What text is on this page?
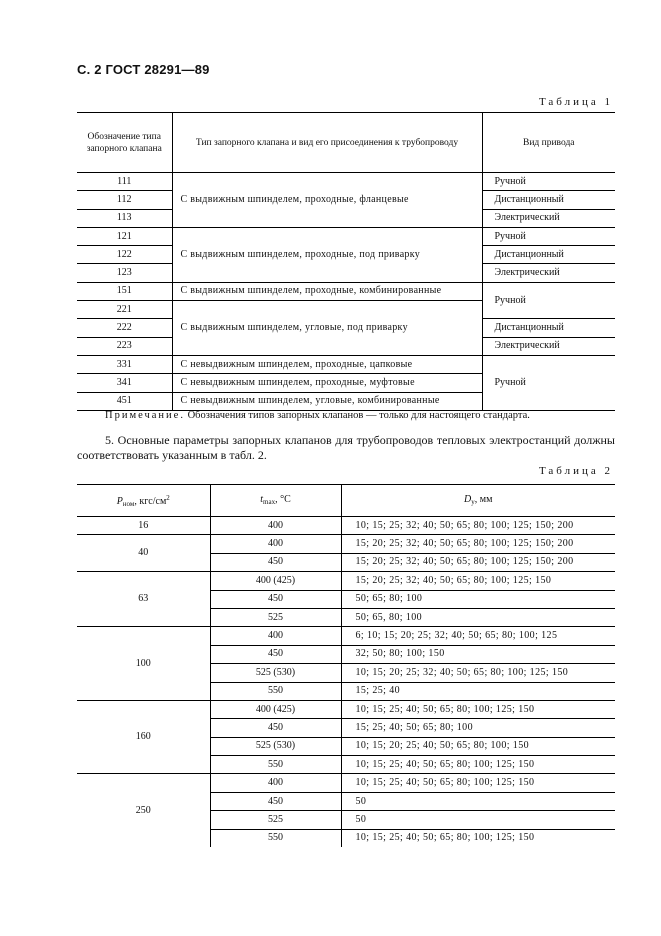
С. 2 ГОСТ 28291—89
Таблица 1
Обозначение типа запорного клапана	Тип запорного клапана и вид его присоединения к трубопроводу	Вид привода
111	С выдвижным шпинделем, проходные, фланцевые	Ручной
112		Дистанционный
113		Электрический
121	С выдвижным шпинделем, проходные, под приварку	Ручной
122		Дистанционный
123		Электрический
151	С выдвижным шпинделем, проходные, комбинированные	Ручной
221	С выдвижным шпинделем, угловые, под приварку	
222		Дистанционный
223		Электрический
331	С невыдвижным шпинделем, проходные, цапковые	Ручной
341	С невыдвижным шпинделем, проходные, муфтовые	
451	С невыдвижным шпинделем, угловые, комбинированные	
Примечание. Обозначения типов запорных клапанов — только для настоящего стандарта.
5. Основные параметры запорных клапанов для трубопроводов тепловых электростанций должны соответствовать указанным в табл. 2.
Таблица 2
$P_{ном}$, кгс/$см^2$	$t_{max}$, °С	$D_у$, мм
16	400	10; 15; 25; 32; 40; 50; 65; 80; 100; 125; 150; 200
40	400	15; 20; 25; 32; 40; 50; 65; 80; 100; 125; 150; 200
	450	15; 20; 25; 32; 40; 50; 65; 80; 100; 125; 150; 200
63	400 (425)	15; 20; 25; 32; 40; 50; 65; 80; 100; 125; 150
	450	50; 65; 80; 100
	525	50; 65, 80; 100
100	400	6; 10; 15; 20; 25; 32; 40; 50; 65; 80; 100; 125
	450	32; 50; 80; 100; 150
	525 (530)	10; 15; 20; 25; 32; 40; 50; 65; 80; 100; 125; 150
	550	15; 25; 40
160	400 (425)	10; 15; 25; 40; 50; 65; 80; 100; 125; 150
	450	15; 25; 40; 50; 65; 80; 100
	525 (530)	10; 15; 20; 25; 40; 50; 65; 80; 100; 150
	550	10; 15; 25; 40; 50; 65; 80; 100; 125; 150
250	400	10; 15; 25; 40; 50; 65; 80; 100; 125; 150
	450	50
	525	50
	550	10; 15; 25; 40; 50; 65; 80; 100; 125; 150
